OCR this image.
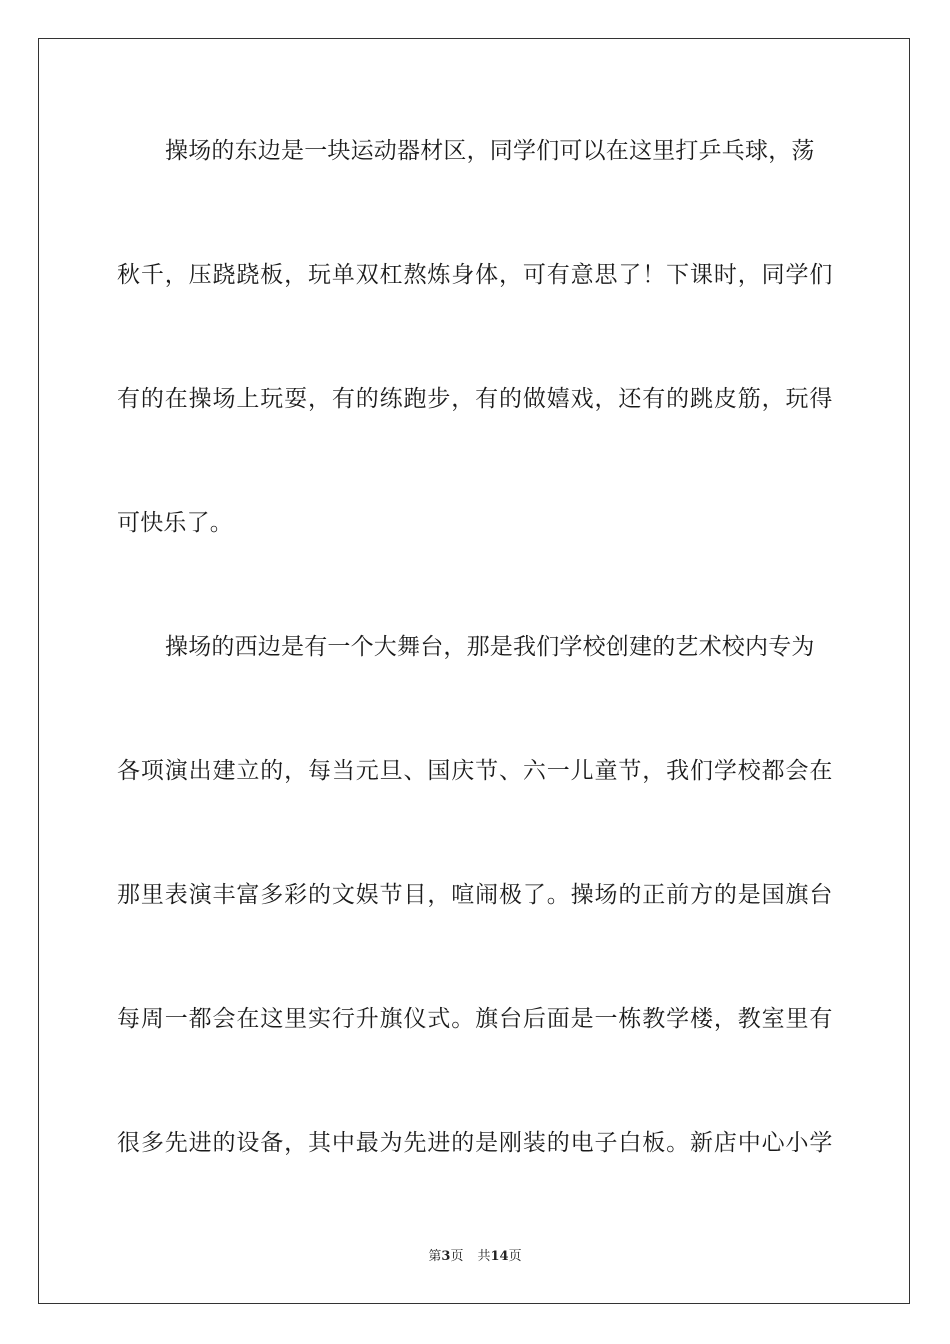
操场的东边是一块运动器材区，同学们可以在这里打乒乓球，荡
秋 千 ， 压 跷 跷 板 ， 玩 单 双 杠 熬 炼 身 体 ， 可 有 意 思 了 ！ 下 课 时 ， 同 学 们
有 的 在 操 场 上 玩 耍 ， 有 的 练 跑 步 ， 有 的 做 嬉 戏 ， 还 有 的 跳 皮 筋 ， 玩 得
可快乐了。
操场的西边是有一个大舞台，那是我们学校创建的艺术校内专为
各 项 演 出 建 立 的 ， 每 当 元 旦 、 国 庆 节 、 六 一 儿 童 节 ， 我 们 学 校 都 会 在
那 里 表 演 丰 富 多 彩 的 文 娱 节 目 ， 喧 闹 极 了 。 操 场 的 正 前 方 的 是 国 旗 台
每 周 一 都 会 在 这 里 实 行 升 旗 仪 式 。 旗 台 后 面 是 一 栋 教 学 楼 ， 教 室 里 有
很 多 先 进 的 设 备 ， 其 中 最 为 先 进 的 是 刚 装 的 电 子 白 板 。 新 店 中 心 小 学
第3页 共14页
